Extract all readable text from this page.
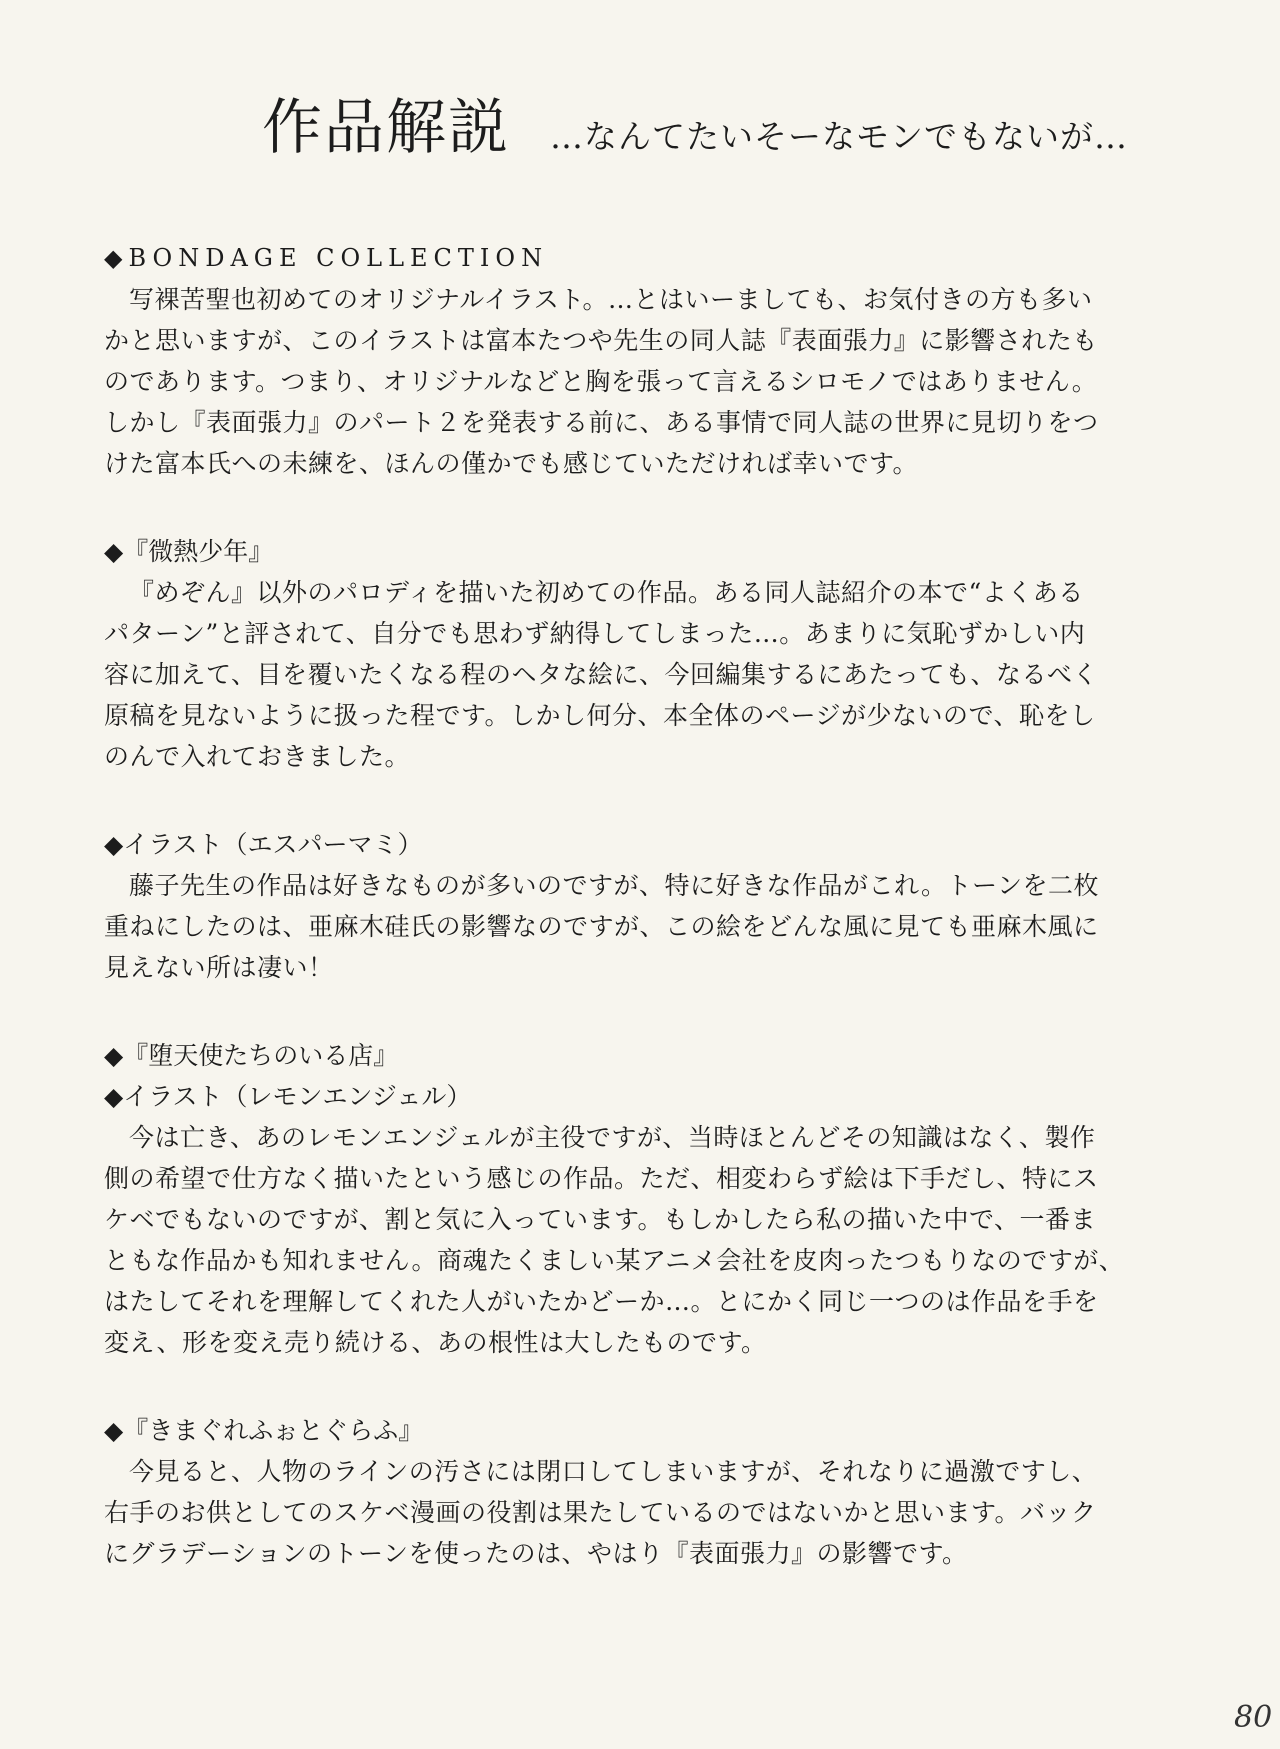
作品解説 …なんてたいそーなモンでもないが…
◆BONDAGE COLLECTION
写裸苦聖也初めてのオリジナルイラスト。…とはいーましても、お気付きの方も多い
かと思いますが、このイラストは富本たつや先生の同人誌『表面張力』に影響されたも
のであります。つまり、オリジナルなどと胸を張って言えるシロモノではありません。
しかし『表面張力』のパート２を発表する前に、ある事情で同人誌の世界に見切りをつ
けた富本氏への未練を、ほんの僅かでも感じていただければ幸いです。
◆『微熱少年』
『めぞん』以外のパロディを描いた初めての作品。ある同人誌紹介の本で“よくある
パターン”と評されて、自分でも思わず納得してしまった…。あまりに気恥ずかしい内
容に加えて、目を覆いたくなる程のヘタな絵に、今回編集するにあたっても、なるべく
原稿を見ないように扱った程です。しかし何分、本全体のページが少ないので、恥をし
のんで入れておきました。
◆イラスト（エスパーマミ）
藤子先生の作品は好きなものが多いのですが、特に好きな作品がこれ。トーンを二枚
重ねにしたのは、亜麻木硅氏の影響なのですが、この絵をどんな風に見ても亜麻木風に
見えない所は凄い！
◆『堕天使たちのいる店』
◆イラスト（レモンエンジェル）
今は亡き、あのレモンエンジェルが主役ですが、当時ほとんどその知識はなく、製作
側の希望で仕方なく描いたという感じの作品。ただ、相変わらず絵は下手だし、特にス
ケベでもないのですが、割と気に入っています。もしかしたら私の描いた中で、一番ま
ともな作品かも知れません。商魂たくましい某アニメ会社を皮肉ったつもりなのですが、
はたしてそれを理解してくれた人がいたかどーか…。とにかく同じ一つのは作品を手を
変え、形を変え売り続ける、あの根性は大したものです。
◆『きまぐれふぉとぐらふ』
今見ると、人物のラインの汚さには閉口してしまいますが、それなりに過激ですし、
右手のお供としてのスケベ漫画の役割は果たしているのではないかと思います。バック
にグラデーションのトーンを使ったのは、やはり『表面張力』の影響です。
80
